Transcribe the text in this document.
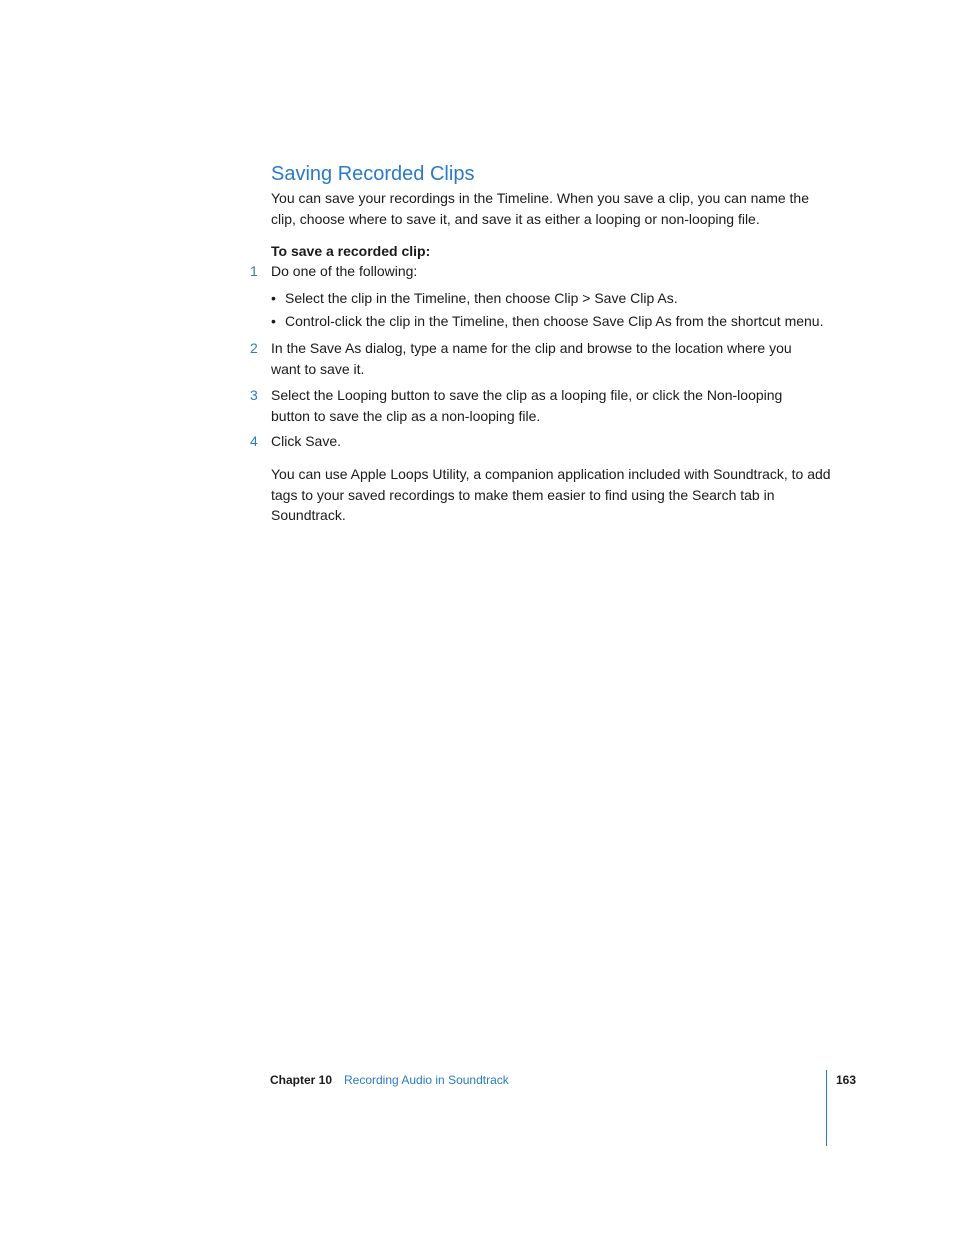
Saving Recorded Clips

You can save your recordings in the Timeline. When you save a clip, you can name the clip, choose where to save it, and save it as either a looping or non-looping file.

To save a recorded clip:

1 Do one of the following:
• Select the clip in the Timeline, then choose Clip > Save Clip As.
• Control-click the clip in the Timeline, then choose Save Clip As from the shortcut menu.
2 In the Save As dialog, type a name for the clip and browse to the location where you want to save it.
3 Select the Looping button to save the clip as a looping file, or click the Non-looping button to save the clip as a non-looping file.
4 Click Save.

You can use Apple Loops Utility, a companion application included with Soundtrack, to add tags to your saved recordings to make them easier to find using the Search tab in Soundtrack.

Chapter 10 Recording Audio in Soundtrack	163
